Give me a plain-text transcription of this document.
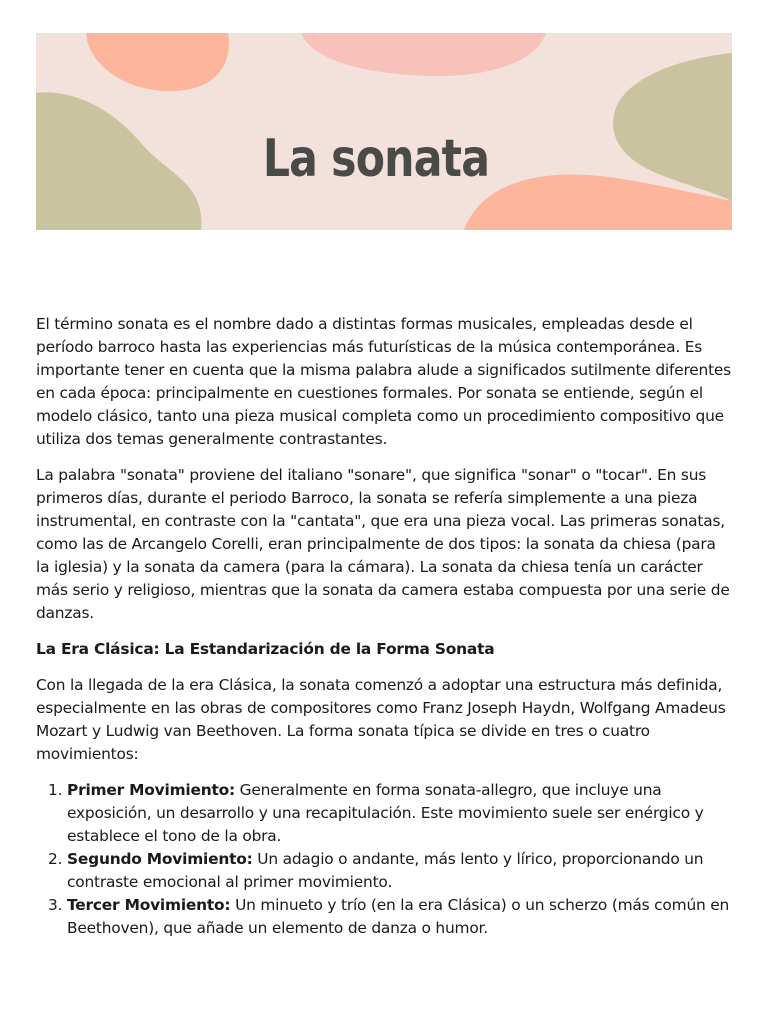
La sonata

El término sonata es el nombre dado a distintas formas musicales, empleadas desde el período barroco hasta las experiencias más futurísticas de la música contemporánea. Es importante tener en cuenta que la misma palabra alude a significados sutilmente diferentes en cada época: principalmente en cuestiones formales. Por sonata se entiende, según el modelo clásico, tanto una pieza musical completa como un procedimiento compositivo que utiliza dos temas generalmente contrastantes.

La palabra "sonata" proviene del italiano "sonare", que significa "sonar" o "tocar". En sus primeros días, durante el periodo Barroco, la sonata se refería simplemente a una pieza instrumental, en contraste con la "cantata", que era una pieza vocal. Las primeras sonatas, como las de Arcangelo Corelli, eran principalmente de dos tipos: la sonata da chiesa (para la iglesia) y la sonata da camera (para la cámara). La sonata da chiesa tenía un carácter más serio y religioso, mientras que la sonata da camera estaba compuesta por una serie de danzas.

La Era Clásica: La Estandarización de la Forma Sonata

Con la llegada de la era Clásica, la sonata comenzó a adoptar una estructura más definida, especialmente en las obras de compositores como Franz Joseph Haydn, Wolfgang Amadeus Mozart y Ludwig van Beethoven. La forma sonata típica se divide en tres o cuatro movimientos:

1. Primer Movimiento: Generalmente en forma sonata-allegro, que incluye una exposición, un desarrollo y una recapitulación. Este movimiento suele ser enérgico y establece el tono de la obra.
2. Segundo Movimiento: Un adagio o andante, más lento y lírico, proporcionando un contraste emocional al primer movimiento.
3. Tercer Movimiento: Un minueto y trío (en la era Clásica) o un scherzo (más común en Beethoven), que añade un elemento de danza o humor.
